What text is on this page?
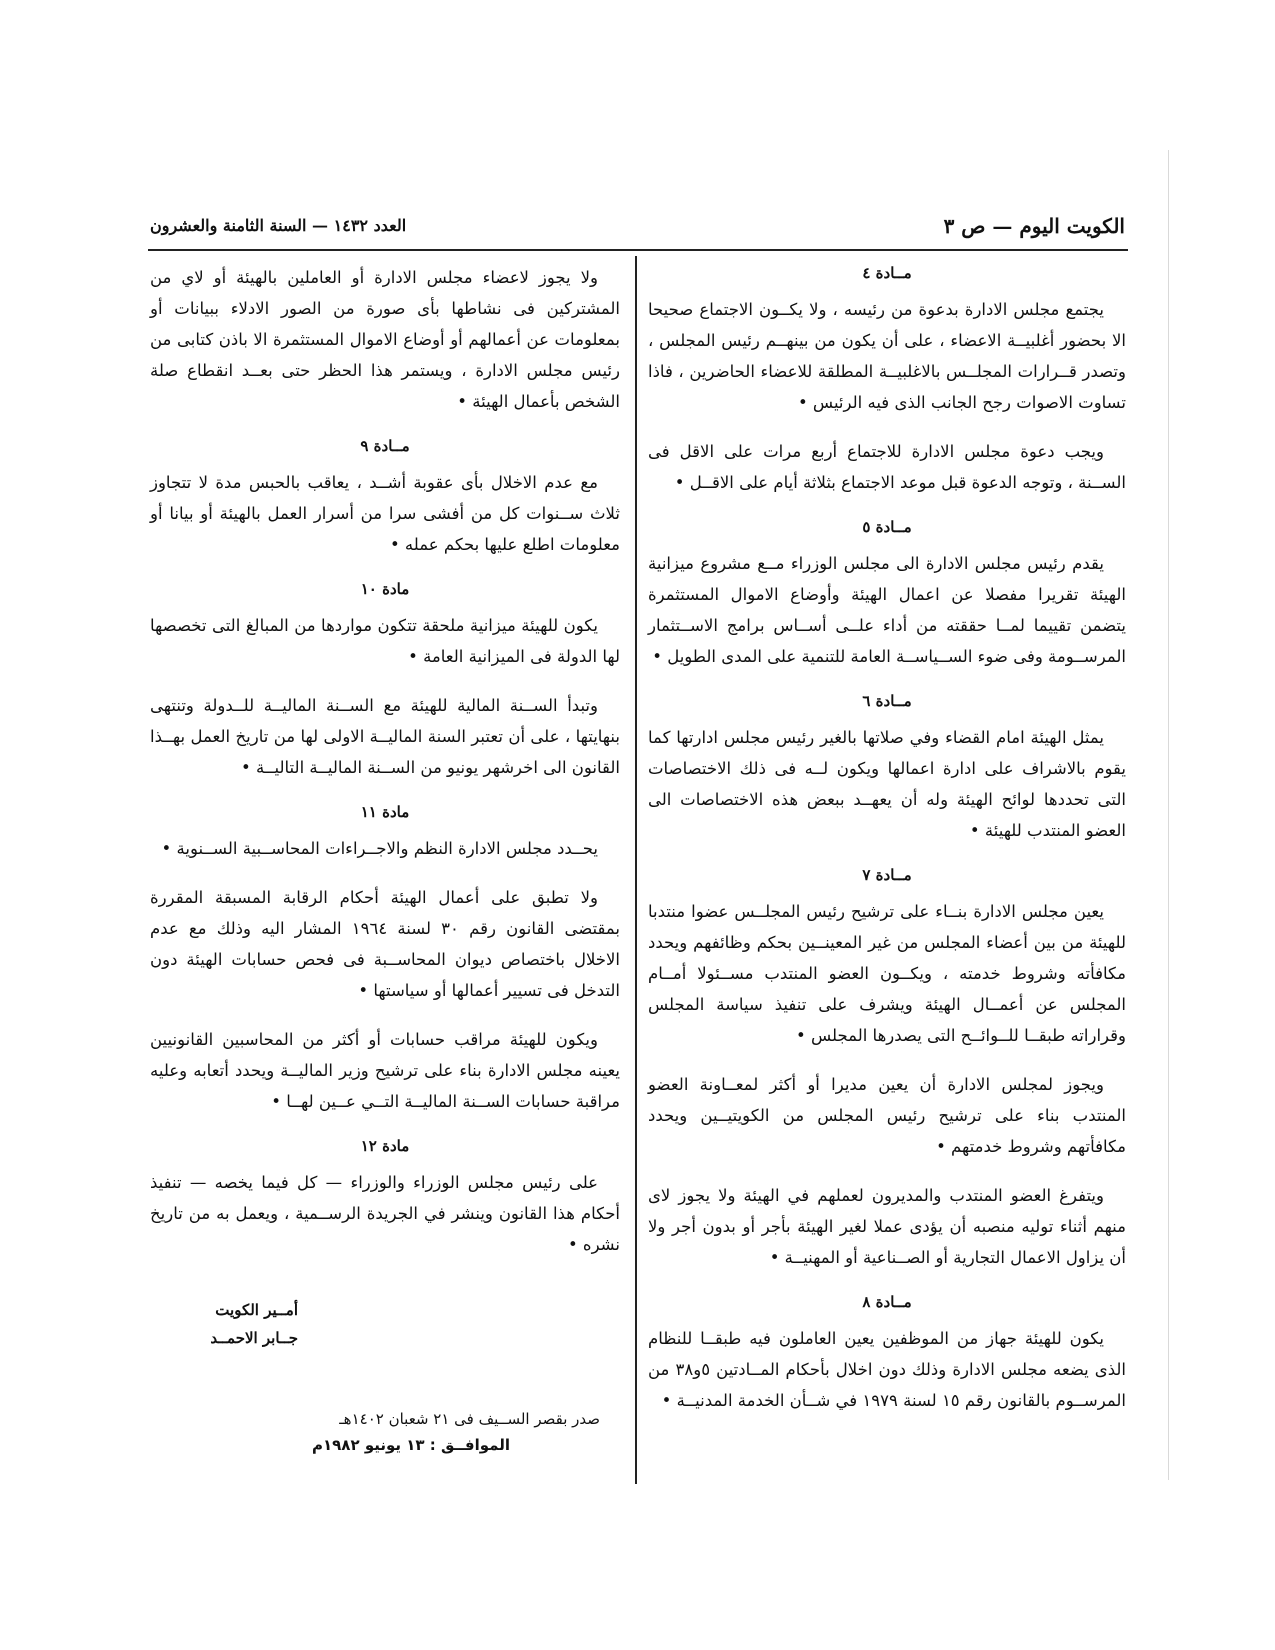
الكويت اليوم — ص ٣
العدد ١٤٣٢ — السنة الثامنة والعشرون
مــادة ٤

يجتمع مجلس الادارة بدعوة من رئيسه ، ولا يكــون الاجتماع صحيحا الا بحضور أغلبيــة الاعضاء ، على أن يكون من بينهــم رئيس المجلس ، وتصدر قــرارات المجلــس بالاغلبيــة المطلقة للاعضاء الحاضرين ، فاذا تساوت الاصوات رجح الجانب الذى فيه الرئيس •

ويجب دعوة مجلس الادارة للاجتماع أربع مرات على الاقل فى الســنة ، وتوجه الدعوة قبل موعد الاجتماع بثلاثة أيام على الاقــل •

مــادة ٥

يقدم رئيس مجلس الادارة الى مجلس الوزراء مــع مشروع ميزانية الهيئة تقريرا مفصلا عن اعمال الهيئة وأوضاع الاموال المستثمرة يتضمن تقييما لمــا حققته من أداء علــى أســاس برامج الاســتثمار المرســومة وفى ضوء الســياســة العامة للتنمية على المدى الطويل •

مــادة ٦

يمثل الهيئة امام القضاء وفي صلاتها بالغير رئيس مجلس ادارتها كما يقوم بالاشراف على ادارة اعمالها ويكون لــه فى ذلك الاختصاصات التى تحددها لوائح الهيئة وله أن يعهــد ببعض هذه الاختصاصات الى العضو المنتدب للهيئة •

مــادة ٧

يعين مجلس الادارة بنــاء على ترشيح رئيس المجلــس عضوا منتدبا للهيئة من بين أعضاء المجلس من غير المعينــين بحكم وظائفهم ويحدد مكافأته وشروط خدمته ، ويكــون العضو المنتدب مســئولا أمــام المجلس عن أعمــال الهيئة ويشرف على تنفيذ سياسة المجلس وقراراته طبقــا للــوائــح التى يصدرها المجلس •

ويجوز لمجلس الادارة أن يعين مديرا أو أكثر لمعــاونة العضو المنتدب بناء على ترشيح رئيس المجلس من الكويتيــين ويحدد مكافأتهم وشروط خدمتهم •

ويتفرغ العضو المنتدب والمديرون لعملهم في الهيئة ولا يجوز لاى منهم أثناء توليه منصبه أن يؤدى عملا لغير الهيئة بأجر أو بدون أجر ولا أن يزاول الاعمال التجارية أو الصــناعية أو المهنيــة •

مــادة ٨

يكون للهيئة جهاز من الموظفين يعين العاملون فيه طبقــا للنظام الذى يضعه مجلس الادارة وذلك دون اخلال بأحكام المــادتين ٥و٣٨ من المرســوم بالقانون رقم ١٥ لسنة ١٩٧٩ في شــأن الخدمة المدنيــة •

ولا يجوز لاعضاء مجلس الادارة أو العاملين بالهيئة أو لاي من المشتركين فى نشاطها بأى صورة من الصور الادلاء ببيانات أو بمعلومات عن أعمالهم أو أوضاع الاموال المستثمرة الا باذن كتابى من رئيس مجلس الادارة ، ويستمر هذا الحظر حتى بعــد انقطاع صلة الشخص بأعمال الهيئة •

مــادة ٩

مع عدم الاخلال بأى عقوبة أشــد ، يعاقب بالحبس مدة لا تتجاوز ثلاث ســنوات كل من أفشى سرا من أسرار العمل بالهيئة أو بيانا أو معلومات اطلع عليها بحكم عمله •

مادة ١٠

يكون للهيئة ميزانية ملحقة تتكون مواردها من المبالغ التى تخصصها لها الدولة فى الميزانية العامة •

وتبدأ الســنة المالية للهيئة مع الســنة الماليــة للــدولة وتنتهى بنهايتها ، على أن تعتبر السنة الماليــة الاولى لها من تاريخ العمل بهــذا القانون الى اخرشهر يونيو من الســنة الماليــة التاليــة •

مادة ١١

يحــدد مجلس الادارة النظم والاجــراءات المحاســبية الســنوية •

ولا تطبق على أعمال الهيئة أحكام الرقابة المسبقة المقررة بمقتضى القانون رقم ٣٠ لسنة ١٩٦٤ المشار اليه وذلك مع عدم الاخلال باختصاص ديوان المحاســبة فى فحص حسابات الهيئة دون التدخل فى تسيير أعمالها أو سياستها •

ويكون للهيئة مراقب حسابات أو أكثر من المحاسبين القانونيين يعينه مجلس الادارة بناء على ترشيح وزير الماليــة ويحدد أتعابه وعليه مراقبة حسابات الســنة الماليــة التــي عــين لهــا •

مادة ١٢

على رئيس مجلس الوزراء والوزراء — كل فيما يخصه — تنفيذ أحكام هذا القانون وينشر في الجريدة الرســمية ، ويعمل به من تاريخ نشره •

أمــير الكويت
جــابر الاحمــد
صدر بقصر الســيف فى ٢١ شعبان ١٤٠٢هـ
الموافــق : ١٣ يونيو ١٩٨٢م
